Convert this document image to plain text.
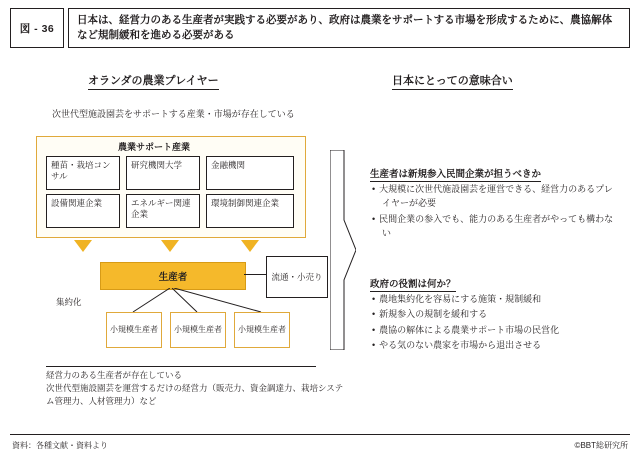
図 - 36
日本は、経営力のある生産者が実践する必要があり、政府は農業をサポートする市場を形成するために、農協解体など規制緩和を進める必要がある
オランダの農業プレイヤー	日本にとっての意味合い
次世代型施設園芸をサポートする産業・市場が存在している
農業サポート産業
種苗・栽培コンサル
研究機関大学	金融機関
設備関連企業	エネルギー関連企業
環境制御関連企業
生産者	流通・小売り
集約化
小規模生産者	小規模生産者	小規模生産者
経営力のある生産者が存在している
次世代型施設園芸を運営するだけの経営力（販売力、資金調達力、栽培システム管理力、人材管理力）など
生産者は新規参入民間企業が担うべきか
• 大規模に次世代施設園芸を運営できる、経営力のあるプレイヤーが必要
• 民間企業の参入でも、能力のある生産者がやっても構わない
政府の役割は何か？
• 農地集約化を容易にする施策・規制緩和
• 新規参入の規制を緩和する
• 農協の解体による農業サポート市場の民営化
• やる気のない農家を市場から退出させる
資料：各種文献・資料より	©BBT総研究所
